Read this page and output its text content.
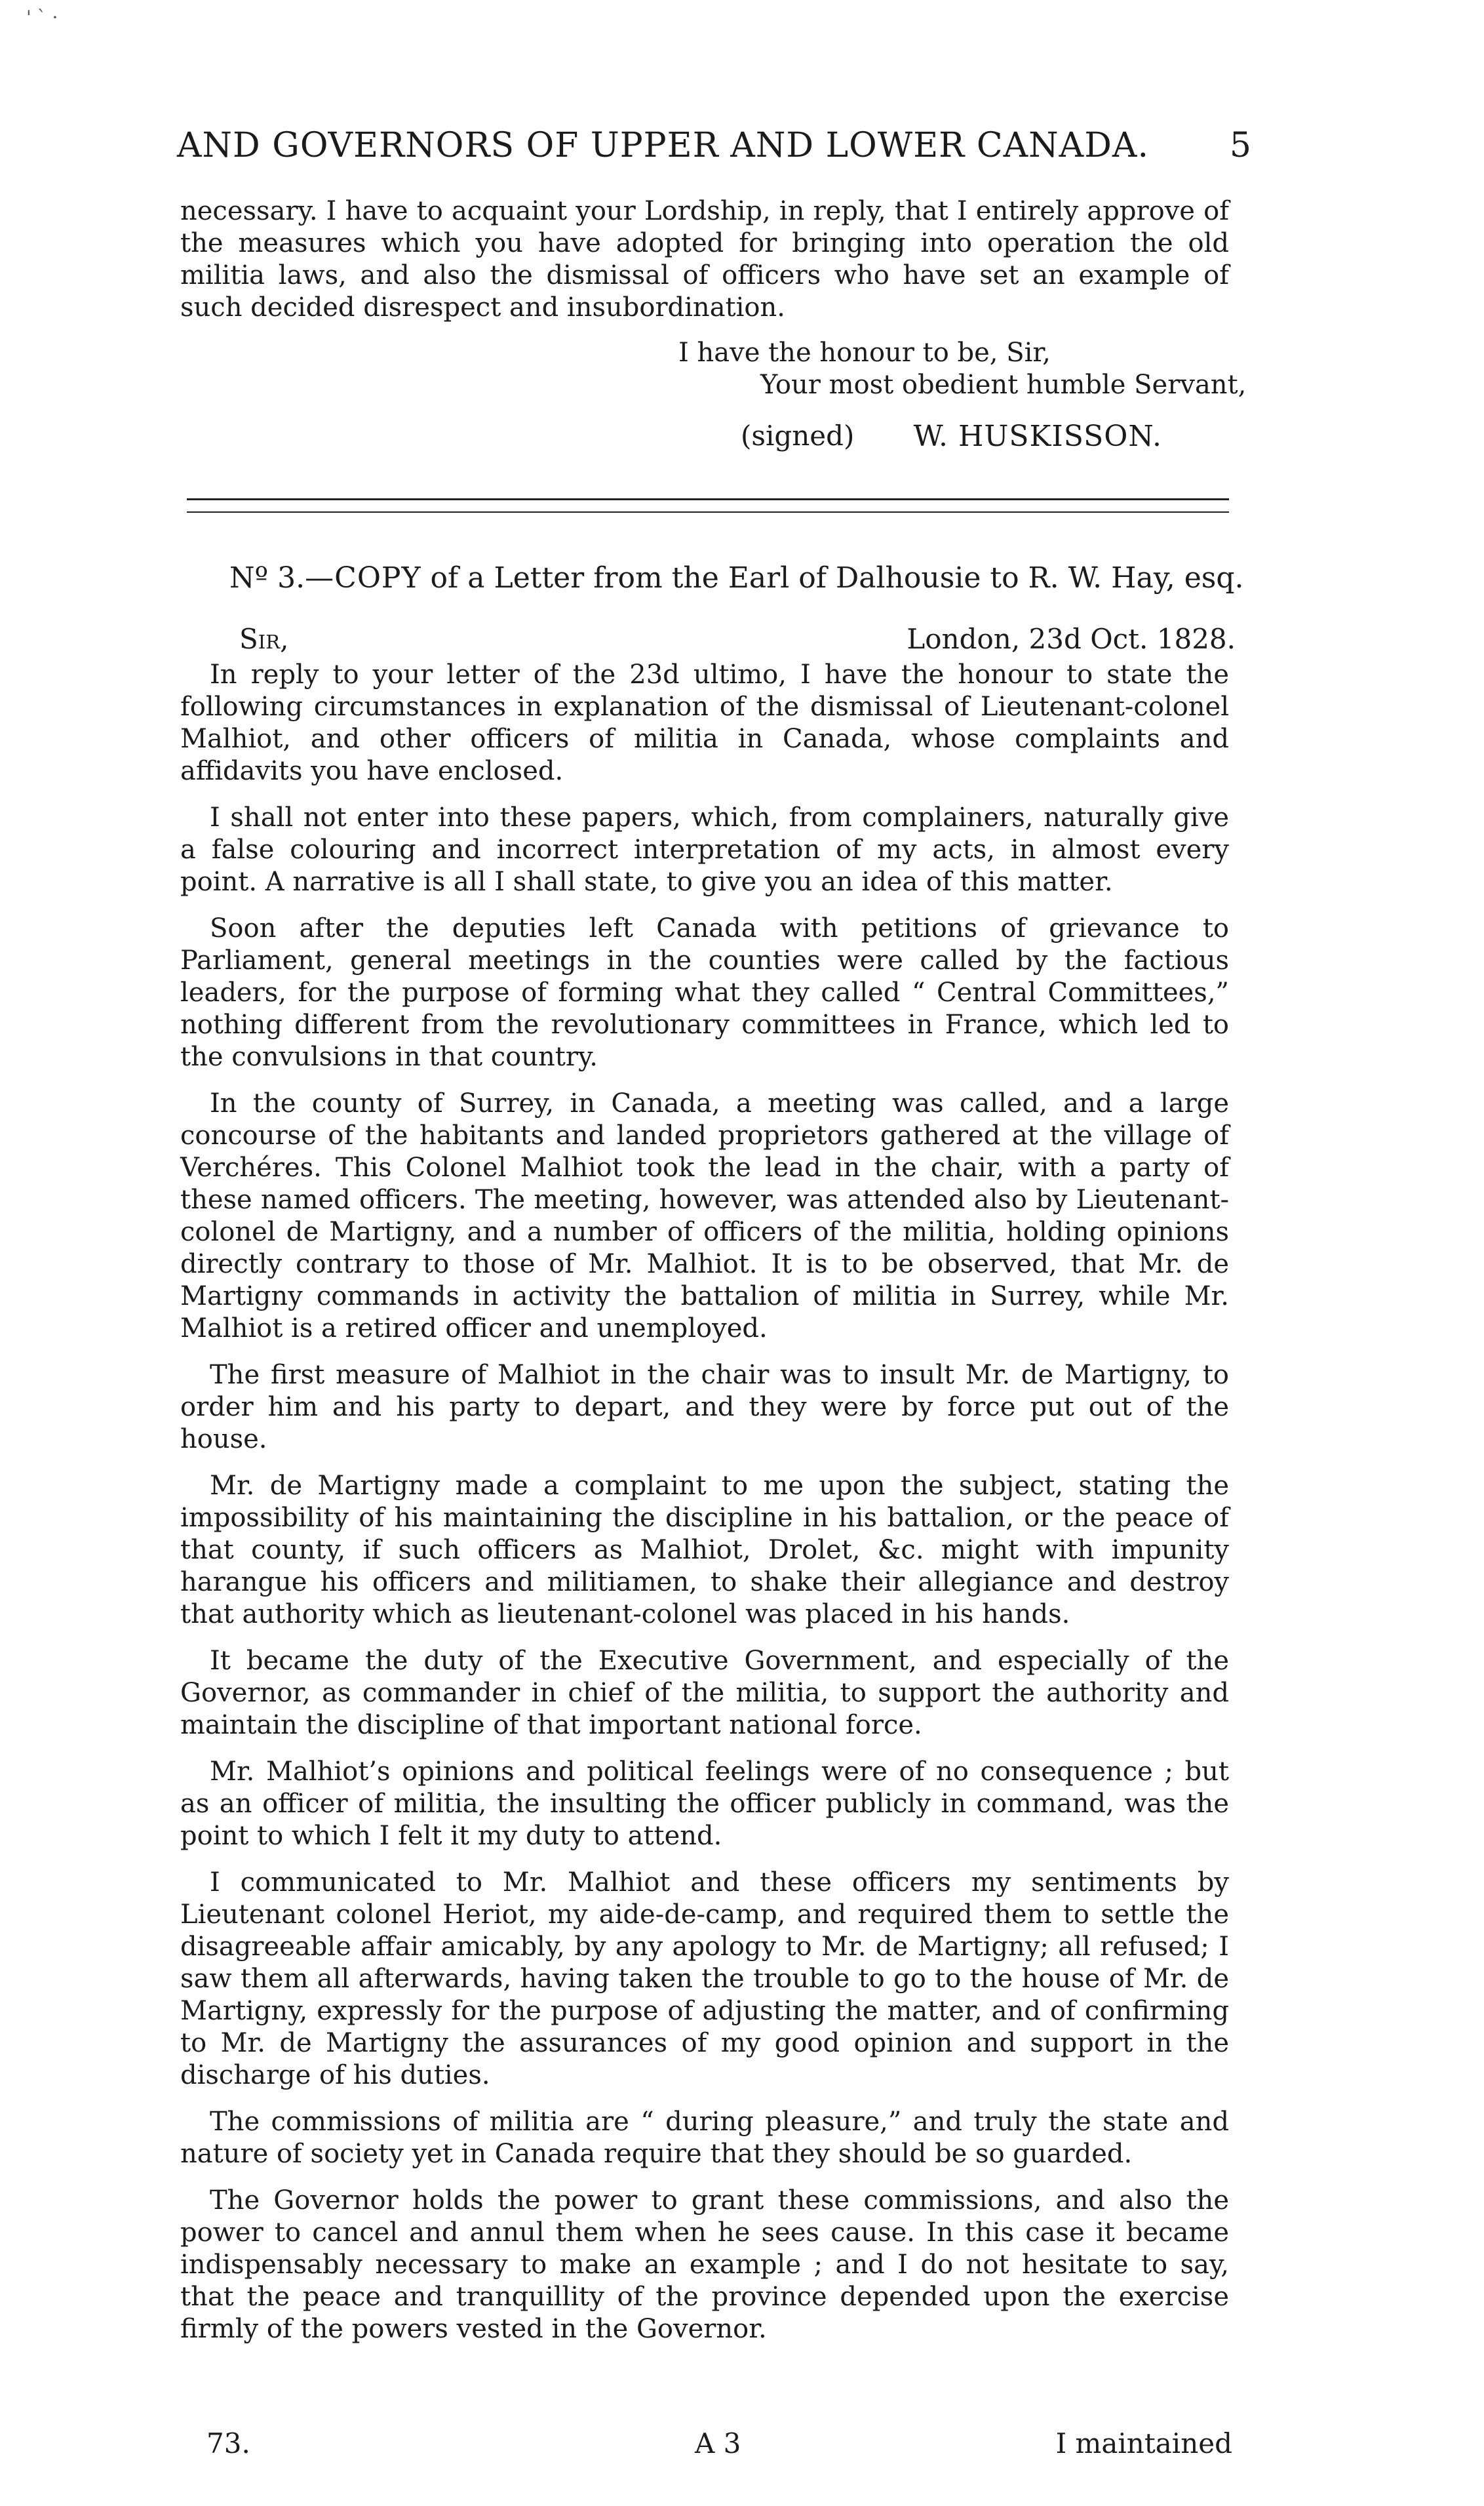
' ` ·
AND GOVERNORS OF UPPER AND LOWER CANADA. 5

necessary. I have to acquaint your Lordship, in reply, that I entirely approve of the measures which you have adopted for bringing into operation the old militia laws, and also the dismissal of officers who have set an example of such decided disrespect and insubordination.

I have the honour to be, Sir,
Your most obedient humble Servant,
(signed) W. HUSKISSON.
Nº 3.—COPY of a Letter from the Earl of Dalhousie to R. W. Hay, esq.
Sir,	London, 23d Oct. 1828.

In reply to your letter of the 23d ultimo, I have the honour to state the following circumstances in explanation of the dismissal of Lieutenant-colonel Malhiot, and other officers of militia in Canada, whose complaints and affidavits you have enclosed.

I shall not enter into these papers, which, from complainers, naturally give a false colouring and incorrect interpretation of my acts, in almost every point. A narrative is all I shall state, to give you an idea of this matter.

Soon after the deputies left Canada with petitions of grievance to Parliament, general meetings in the counties were called by the factious leaders, for the purpose of forming what they called “ Central Committees,” nothing different from the revolutionary committees in France, which led to the convulsions in that country.

In the county of Surrey, in Canada, a meeting was called, and a large concourse of the habitants and landed proprietors gathered at the village of Verchéres. This Colonel Malhiot took the lead in the chair, with a party of these named officers. The meeting, however, was attended also by Lieutenant-colonel de Martigny, and a number of officers of the militia, holding opinions directly contrary to those of Mr. Malhiot. It is to be observed, that Mr. de Martigny commands in activity the battalion of militia in Surrey, while Mr. Malhiot is a retired officer and unemployed.

The first measure of Malhiot in the chair was to insult Mr. de Martigny, to order him and his party to depart, and they were by force put out of the house.

Mr. de Martigny made a complaint to me upon the subject, stating the impossibility of his maintaining the discipline in his battalion, or the peace of that county, if such officers as Malhiot, Drolet, &c. might with impunity harangue his officers and militiamen, to shake their allegiance and destroy that authority which as lieutenant-colonel was placed in his hands.

It became the duty of the Executive Government, and especially of the Governor, as commander in chief of the militia, to support the authority and maintain the discipline of that important national force.

Mr. Malhiot’s opinions and political feelings were of no consequence ; but as an officer of militia, the insulting the officer publicly in command, was the point to which I felt it my duty to attend.

I communicated to Mr. Malhiot and these officers my sentiments by Lieutenant colonel Heriot, my aide-de-camp, and required them to settle the disagreeable affair amicably, by any apology to Mr. de Martigny; all refused; I saw them all afterwards, having taken the trouble to go to the house of Mr. de Martigny, expressly for the purpose of adjusting the matter, and of confirming to Mr. de Martigny the assurances of my good opinion and support in the discharge of his duties.

The commissions of militia are “ during pleasure,” and truly the state and nature of society yet in Canada require that they should be so guarded.

The Governor holds the power to grant these commissions, and also the power to cancel and annul them when he sees cause. In this case it became indispensably necessary to make an example ; and I do not hesitate to say, that the peace and tranquillity of the province depended upon the exercise firmly of the powers vested in the Governor.

73.	A 3	I maintained
